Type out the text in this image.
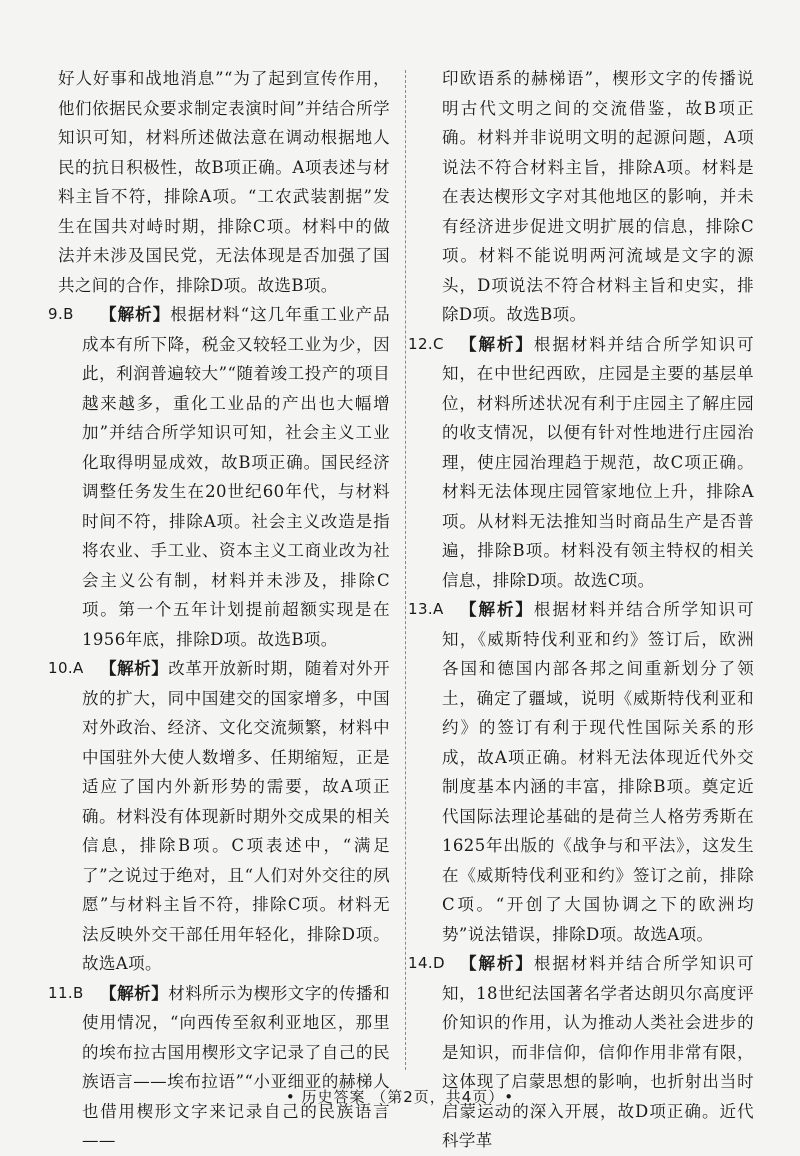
好人好事和战地消息”“为了起到宣传作用，他们依据民众要求制定表演时间”并结合所学知识可知，材料所述做法意在调动根据地人民的抗日积极性，故B项正确。A项表述与材料主旨不符，排除A项。“工农武装割据”发生在国共对峙时期，排除C项。材料中的做法并未涉及国民党，无法体现是否加强了国共之间的合作，排除D项。故选B项。

9.B 【解析】根据材料“这几年重工业产品成本有所下降，税金又较轻工业为少，因此，利润普遍较大”“随着竣工投产的项目越来越多，重化工业品的产出也大幅增加”并结合所学知识可知，社会主义工业化取得明显成效，故B项正确。国民经济调整任务发生在20世纪60年代，与材料时间不符，排除A项。社会主义改造是指将农业、手工业、资本主义工商业改为社会主义公有制，材料并未涉及，排除C项。第一个五年计划提前超额实现是在1956年底，排除D项。故选B项。
10.A 【解析】改革开放新时期，随着对外开放的扩大，同中国建交的国家增多，中国对外政治、经济、文化交流频繁，材料中中国驻外大使人数增多、任期缩短，正是适应了国内外新形势的需要，故A项正确。材料没有体现新时期外交成果的相关信息，排除B项。C项表述中，“满足了”之说过于绝对，且“人们对外交往的夙愿”与材料主旨不符，排除C项。材料无法反映外交干部任用年轻化，排除D项。故选A项。
11.B 【解析】材料所示为楔形文字的传播和使用情况，“向西传至叙利亚地区，那里的埃布拉古国用楔形文字记录了自己的民族语言——埃布拉语”“小亚细亚的赫梯人也借用楔形文字来记录自己的民族语言——

印欧语系的赫梯语”，楔形文字的传播说明古代文明之间的交流借鉴，故B项正确。材料并非说明文明的起源问题，A项说法不符合材料主旨，排除A项。材料是在表达楔形文字对其他地区的影响，并未有经济进步促进文明扩展的信息，排除C项。材料不能说明两河流域是文字的源头，D项说法不符合材料主旨和史实，排除D项。故选B项。

12.C 【解析】根据材料并结合所学知识可知，在中世纪西欧，庄园是主要的基层单位，材料所述状况有利于庄园主了解庄园的收支情况，以便有针对性地进行庄园治理，使庄园治理趋于规范，故C项正确。材料无法体现庄园管家地位上升，排除A项。从材料无法推知当时商品生产是否普遍，排除B项。材料没有领主特权的相关信息，排除D项。故选C项。
13.A 【解析】根据材料并结合所学知识可知，《威斯特伐利亚和约》签订后，欧洲各国和德国内部各邦之间重新划分了领土，确定了疆域，说明《威斯特伐利亚和约》的签订有利于现代性国际关系的形成，故A项正确。材料无法体现近代外交制度基本内涵的丰富，排除B项。奠定近代国际法理论基础的是荷兰人格劳秀斯在1625年出版的《战争与和平法》，这发生在《威斯特伐利亚和约》签订之前，排除C项。“开创了大国协调之下的欧洲均势”说法错误，排除D项。故选A项。
14.D 【解析】根据材料并结合所学知识可知，18世纪法国著名学者达朗贝尔高度评价知识的作用，认为推动人类社会进步的是知识，而非信仰，信仰作用非常有限，这体现了启蒙思想的影响，也折射出当时启蒙运动的深入开展，故D项正确。近代科学革
• 历史答案 （第2页，共4页）•
